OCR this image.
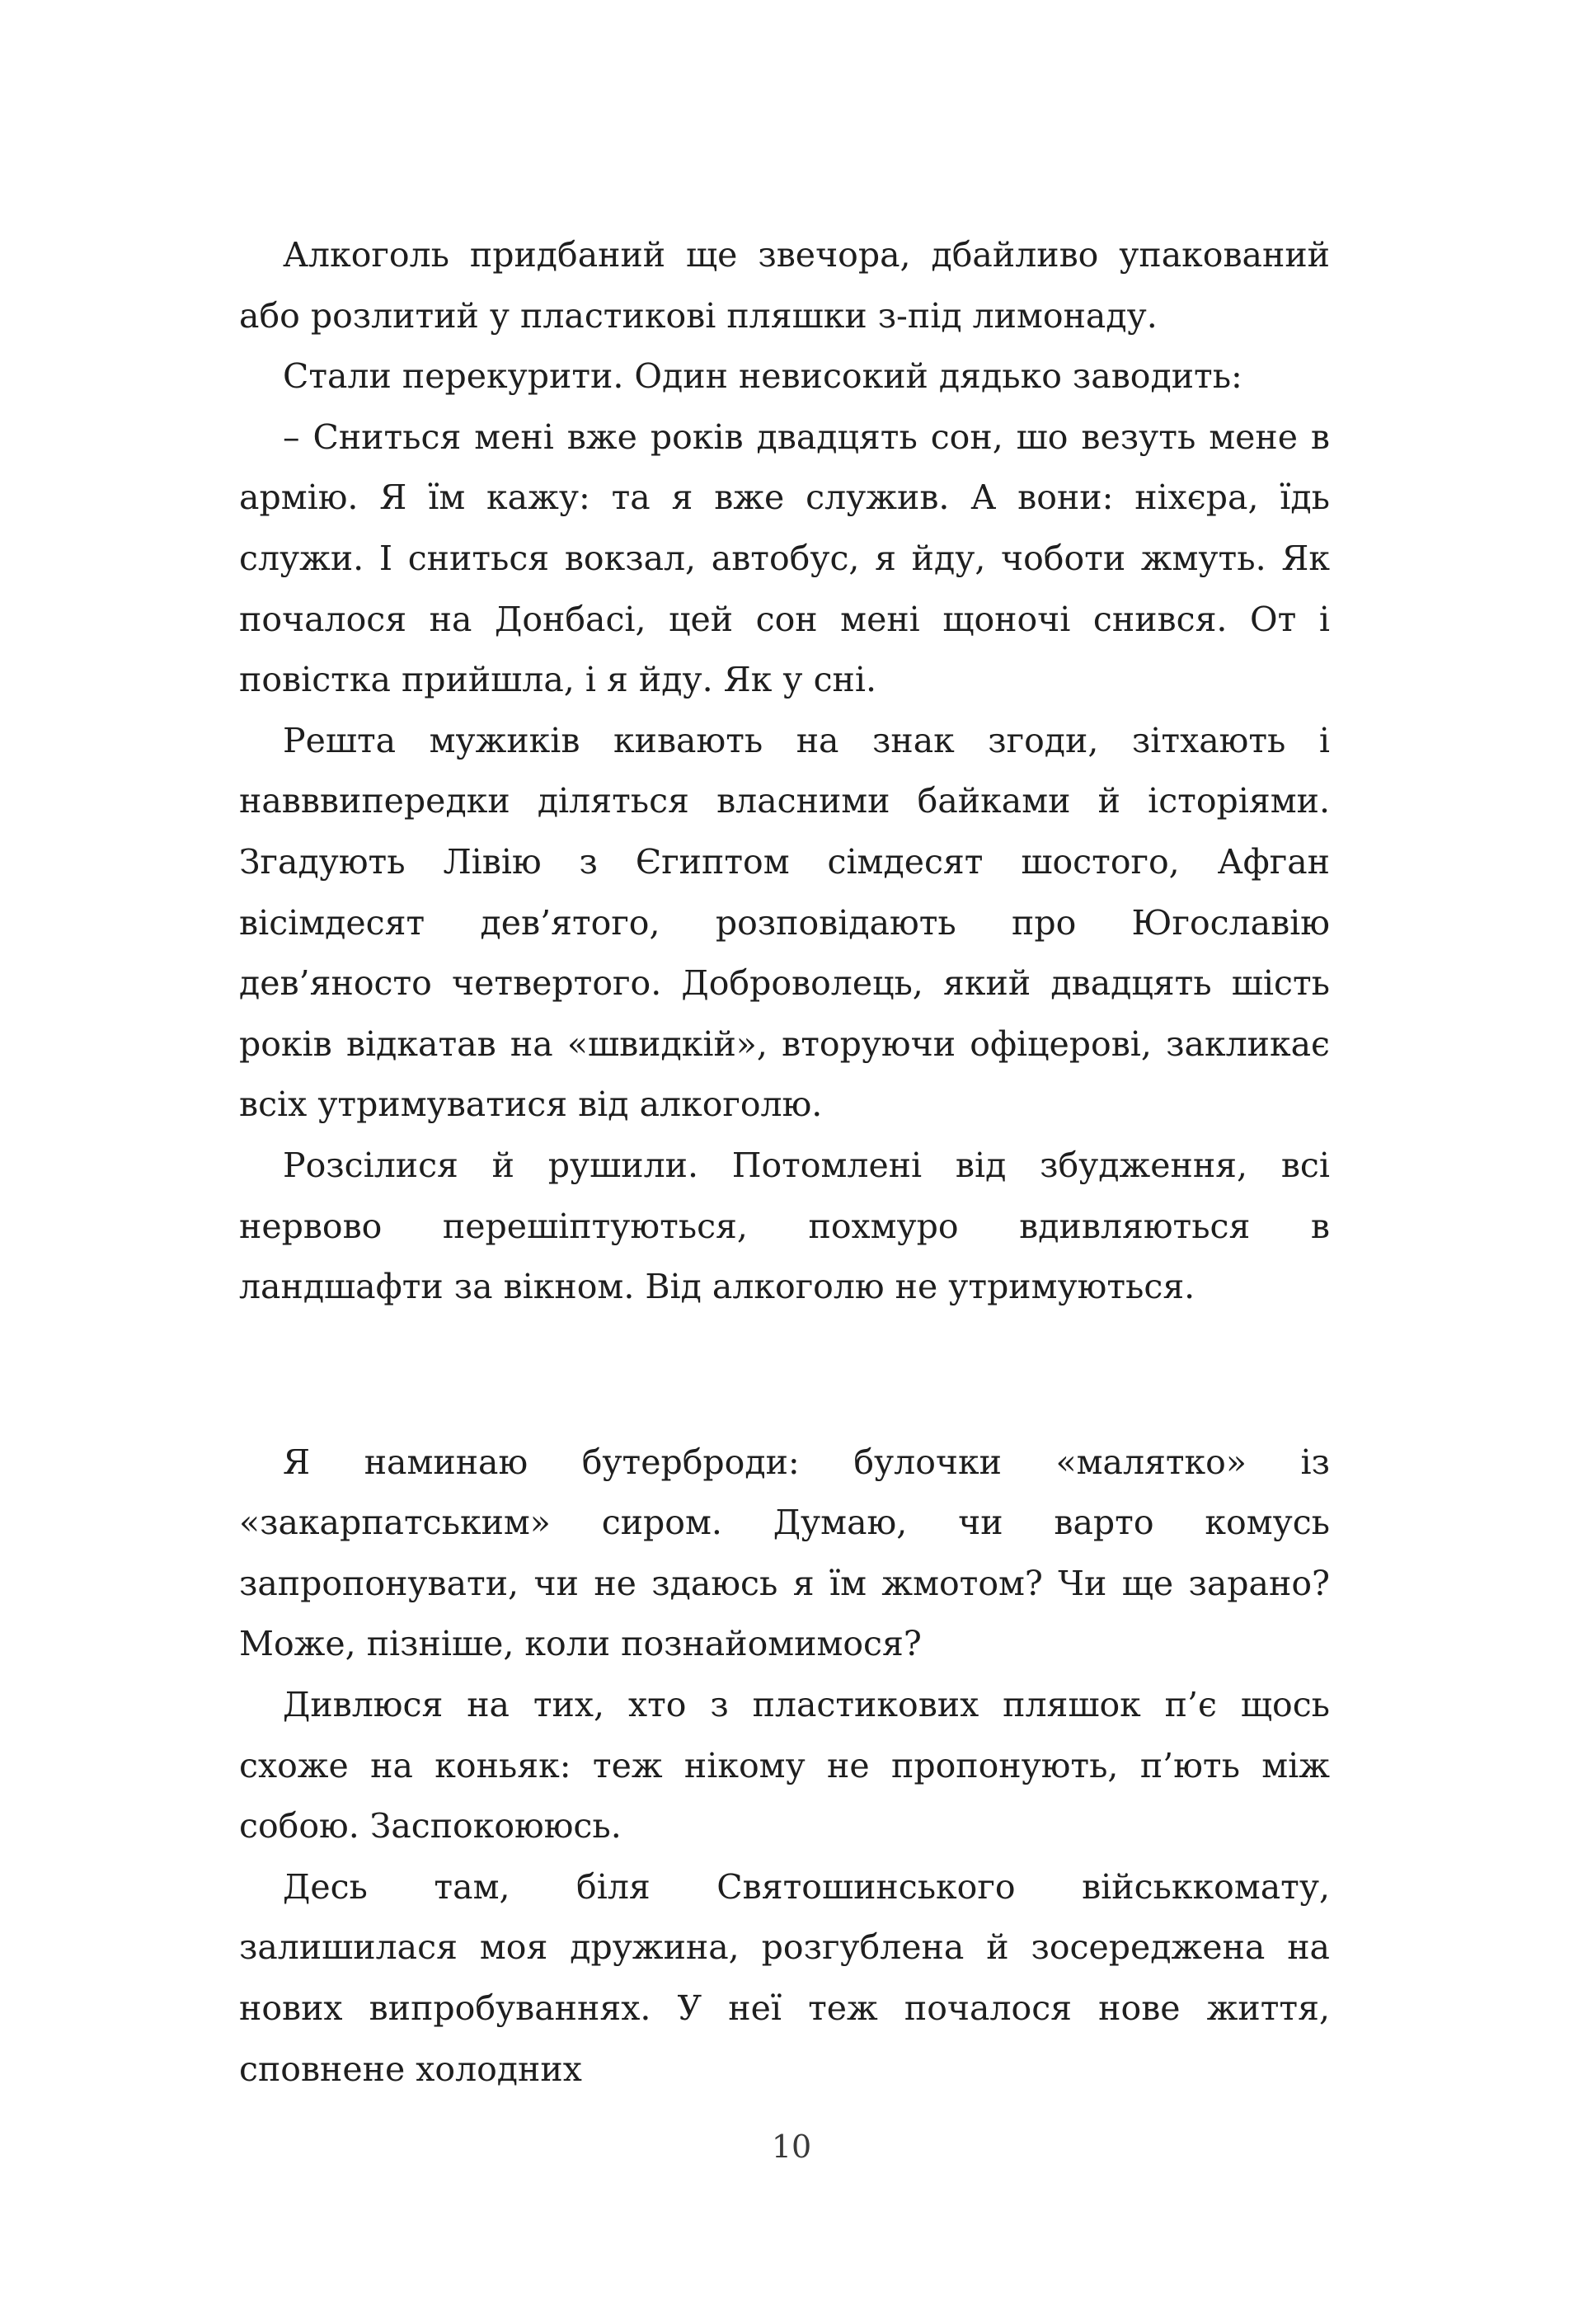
Алкоголь придбаний ще звечора, дбайливо упакований або розлитий у пластикові пляшки з-під лимонаду.

Стали перекурити. Один невисокий дядько заводить:

– Сниться мені вже років двадцять сон, шо везуть мене в армію. Я їм кажу: та я вже служив. А вони: ніхєра, їдь служи. І сниться вокзал, автобус, я йду, чоботи жмуть. Як почалося на Донбасі, цей сон мені щоночі снився. От і повістка прийшла, і я йду. Як у сні.

Решта мужиків кивають на знак згоди, зітхають і навввипередки діляться власними байками й історіями. Згадують Лівію з Єгиптом сімдесят шостого, Афган вісімдесят дев’ятого, розповідають про Югославію дев’яносто четвертого. Доброволець, який двадцять шість років відкатав на «швидкій», вторуючи офіцерові, закликає всіх утримуватися від алкоголю.

Розсілися й рушили. Потомлені від збудження, всі нервово перешіптуються, похмуро вдивляються в ландшафти за вікном. Від алкоголю не утримуються.

Я наминаю бутерброди: булочки «малятко» із «закарпатським» сиром. Думаю, чи варто комусь запропонувати, чи не здаюсь я їм жмотом? Чи ще зарано? Може, пізніше, коли познайомимося?

Дивлюся на тих, хто з пластикових пляшок п’є щось схоже на коньяк: теж нікому не пропонують, п’ють між собою. Заспокоююсь.

Десь там, біля Святошинського військкомату, залишилася моя дружина, розгублена й зосереджена на нових випробуваннях. У неї теж почалося нове життя, сповнене холодних

10
